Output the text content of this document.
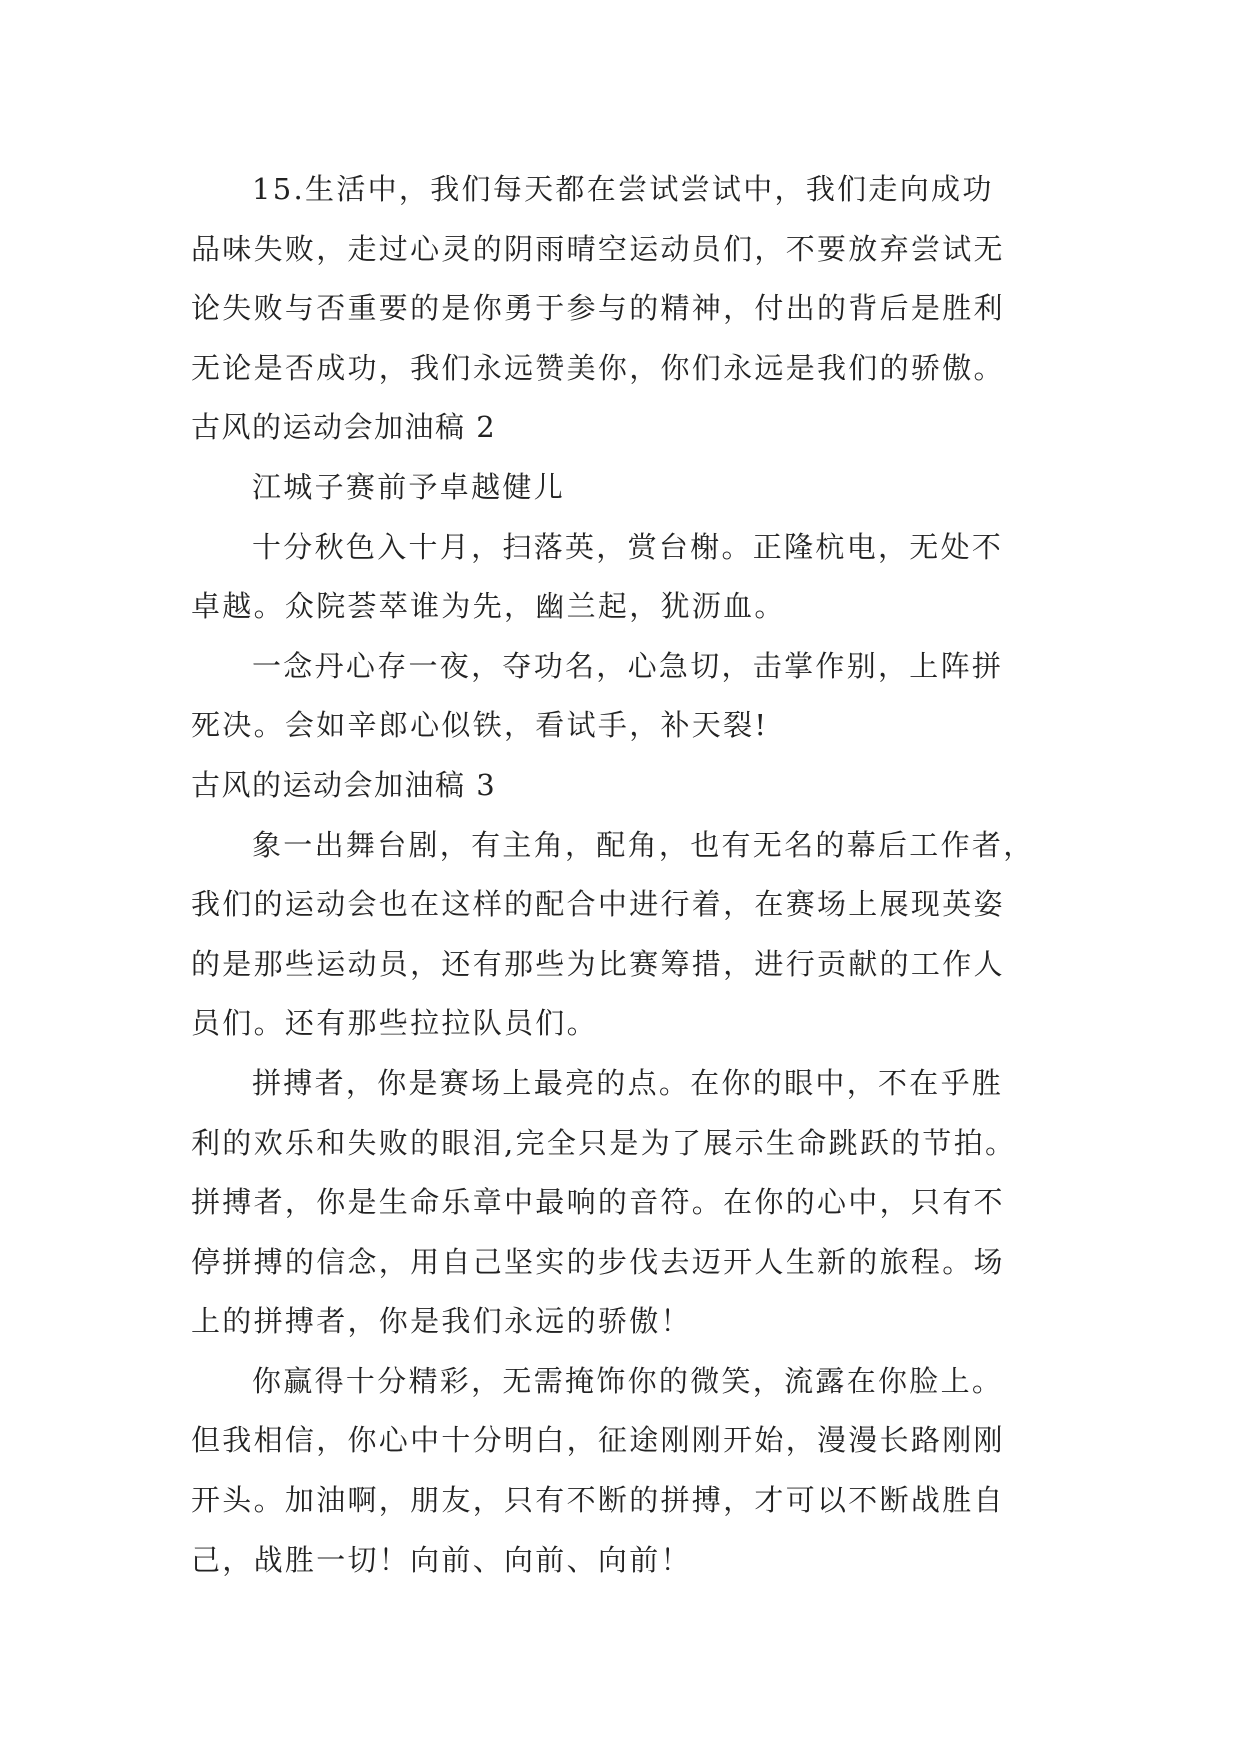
15.生活中，我们每天都在尝试尝试中，我们走向成功
品味失败，走过心灵的阴雨晴空运动员们，不要放弃尝试无
论失败与否重要的是你勇于参与的精神，付出的背后是胜利
无论是否成功，我们永远赞美你，你们永远是我们的骄傲。
古风的运动会加油稿 2
江城子赛前予卓越健儿
十分秋色入十月，扫落英，赏台榭。正隆杭电，无处不
卓越。众院荟萃谁为先，幽兰起，犹沥血。
一念丹心存一夜，夺功名，心急切，击掌作别，上阵拼
死决。会如辛郎心似铁，看试手，补天裂!
古风的运动会加油稿 3
象一出舞台剧，有主角，配角，也有无名的幕后工作者，
我们的运动会也在这样的配合中进行着，在赛场上展现英姿
的是那些运动员，还有那些为比赛筹措，进行贡献的工作人
员们。还有那些拉拉队员们。
拼搏者，你是赛场上最亮的点。在你的眼中，不在乎胜
利的欢乐和失败的眼泪,完全只是为了展示生命跳跃的节拍。
拼搏者，你是生命乐章中最响的音符。在你的心中，只有不
停拼搏的信念，用自己坚实的步伐去迈开人生新的旅程。场
上的拼搏者，你是我们永远的骄傲！
你赢得十分精彩，无需掩饰你的微笑，流露在你脸上。
但我相信，你心中十分明白，征途刚刚开始，漫漫长路刚刚
开头。加油啊，朋友，只有不断的拼搏，才可以不断战胜自
己，战胜一切！向前、向前、向前！
